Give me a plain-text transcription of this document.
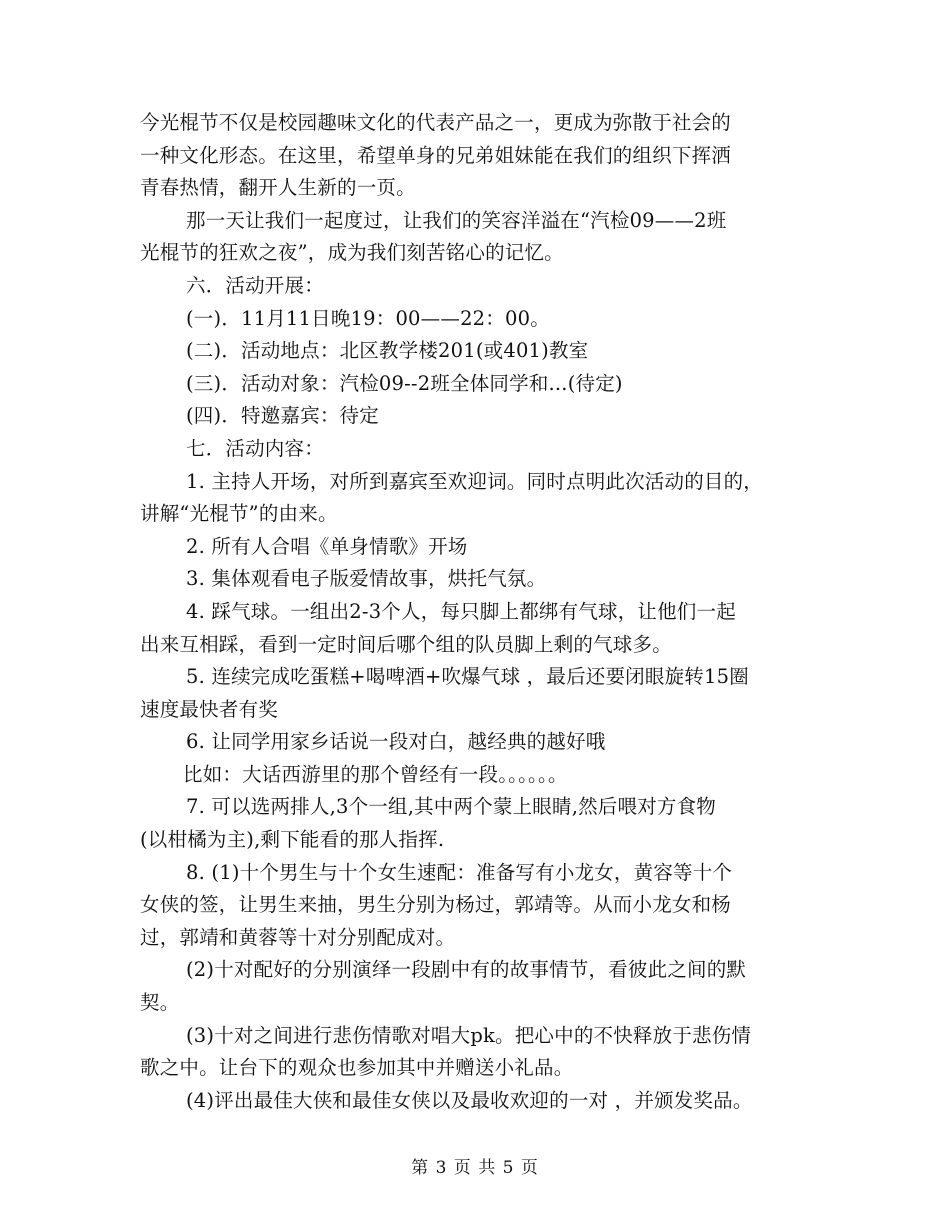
今光棍节不仅是校园趣味文化的代表产品之一，更成为弥散于社会的
一种文化形态。在这里，希望单身的兄弟姐妹能在我们的组织下挥洒
青春热情，翻开人生新的一页。
那一天让我们一起度过，让我们的笑容洋溢在“汽检09——2班
光棍节的狂欢之夜”，成为我们刻苦铭心的记忆。
六．活动开展：
(一)．11月11日晚19：00——22：00。
(二)．活动地点：北区教学楼201(或401)教室
(三)．活动对象：汽检09--2班全体同学和...(待定)
(四)．特邀嘉宾：待定
七．活动内容：
1. 主持人开场，对所到嘉宾至欢迎词。同时点明此次活动的目的，
讲解“光棍节”的由来。
2. 所有人合唱《单身情歌》开场
3. 集体观看电子版爱情故事，烘托气氛。
4. 踩气球。一组出2-3个人，每只脚上都绑有气球，让他们一起
出来互相踩，看到一定时间后哪个组的队员脚上剩的气球多。
5. 连续完成吃蛋糕+喝啤酒+吹爆气球 ，最后还要闭眼旋转15圈
速度最快者有奖
6. 让同学用家乡话说一段对白，越经典的越好哦
比如：大话西游里的那个曾经有一段。。。。。。
7. 可以选两排人,3个一组,其中两个蒙上眼睛,然后喂对方食物
(以柑橘为主),剩下能看的那人指挥.
8. (1)十个男生与十个女生速配：准备写有小龙女，黄容等十个
女侠的签，让男生来抽，男生分别为杨过，郭靖等。从而小龙女和杨
过，郭靖和黄蓉等十对分别配成对。
(2)十对配好的分别演绎一段剧中有的故事情节，看彼此之间的默
契。
(3)十对之间进行悲伤情歌对唱大pk。把心中的不快释放于悲伤情
歌之中。让台下的观众也参加其中并赠送小礼品。
(4)评出最佳大侠和最佳女侠以及最收欢迎的一对 ，并颁发奖品。
第 3 页 共 5 页
